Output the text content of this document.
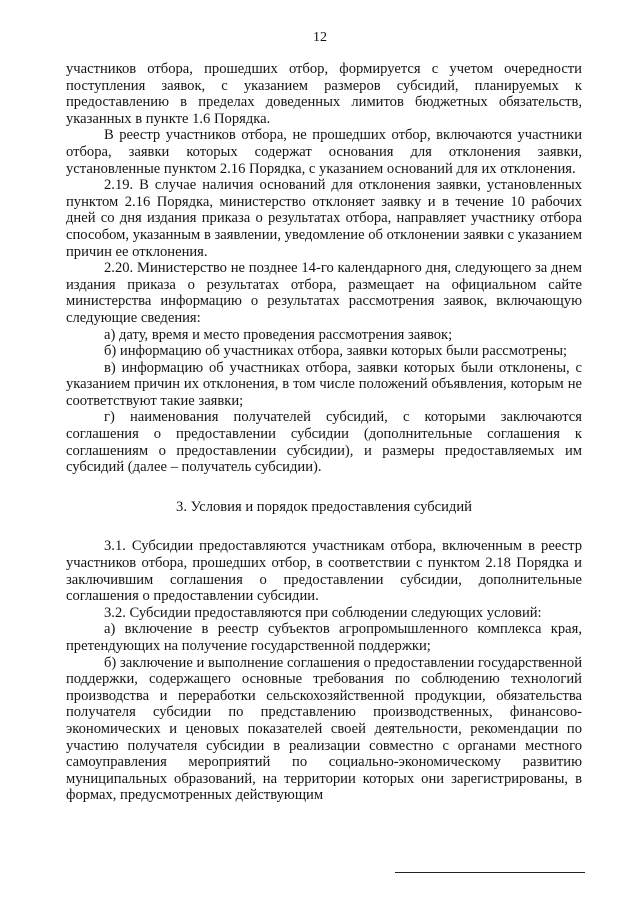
12

участников отбора, прошедших отбор, формируется с учетом очередности поступления заявок, с указанием размеров субсидий, планируемых к предоставлению в пределах доведенных лимитов бюджетных обязательств, указанных в пункте 1.6 Порядка.

В реестр участников отбора, не прошедших отбор, включаются участники отбора, заявки которых содержат основания для отклонения заявки, установленные пунктом 2.16 Порядка, с указанием оснований для их отклонения.

2.19. В случае наличия оснований для отклонения заявки, установленных пунктом 2.16 Порядка, министерство отклоняет заявку и в течение 10 рабочих дней со дня издания приказа о результатах отбора, направляет участнику отбора способом, указанным в заявлении, уведомление об отклонении заявки с указанием причин ее отклонения.

2.20. Министерство не позднее 14-го календарного дня, следующего за днем издания приказа о результатах отбора, размещает на официальном сайте министерства информацию о результатах рассмотрения заявок, включающую следующие сведения:

а) дату, время и место проведения рассмотрения заявок;

б) информацию об участниках отбора, заявки которых были рассмотрены;

в) информацию об участниках отбора, заявки которых были отклонены, с указанием причин их отклонения, в том числе положений объявления, которым не соответствуют такие заявки;

г) наименования получателей субсидий, с которыми заключаются соглашения о предоставлении субсидии (дополнительные соглашения к соглашениям о предоставлении субсидии), и размеры предоставляемых им субсидий (далее – получатель субсидии).

3. Условия и порядок предоставления субсидий

3.1. Субсидии предоставляются участникам отбора, включенным в реестр участников отбора, прошедших отбор, в соответствии с пунктом 2.18 Порядка и заключившим соглашения о предоставлении субсидии, дополнительные соглашения о предоставлении субсидии.

3.2. Субсидии предоставляются при соблюдении следующих условий:

а) включение в реестр субъектов агропромышленного комплекса края, претендующих на получение государственной поддержки;

б) заключение и выполнение соглашения о предоставлении государственной поддержки, содержащего основные требования по соблюдению технологий производства и переработки сельскохозяйственной продукции, обязательства получателя субсидии по представлению производственных, финансово-экономических и ценовых показателей своей деятельности, рекомендации по участию получателя субсидии в реализации совместно с органами местного самоуправления мероприятий по социально-экономическому развитию муниципальных образований, на территории которых они зарегистрированы, в формах, предусмотренных действующим
